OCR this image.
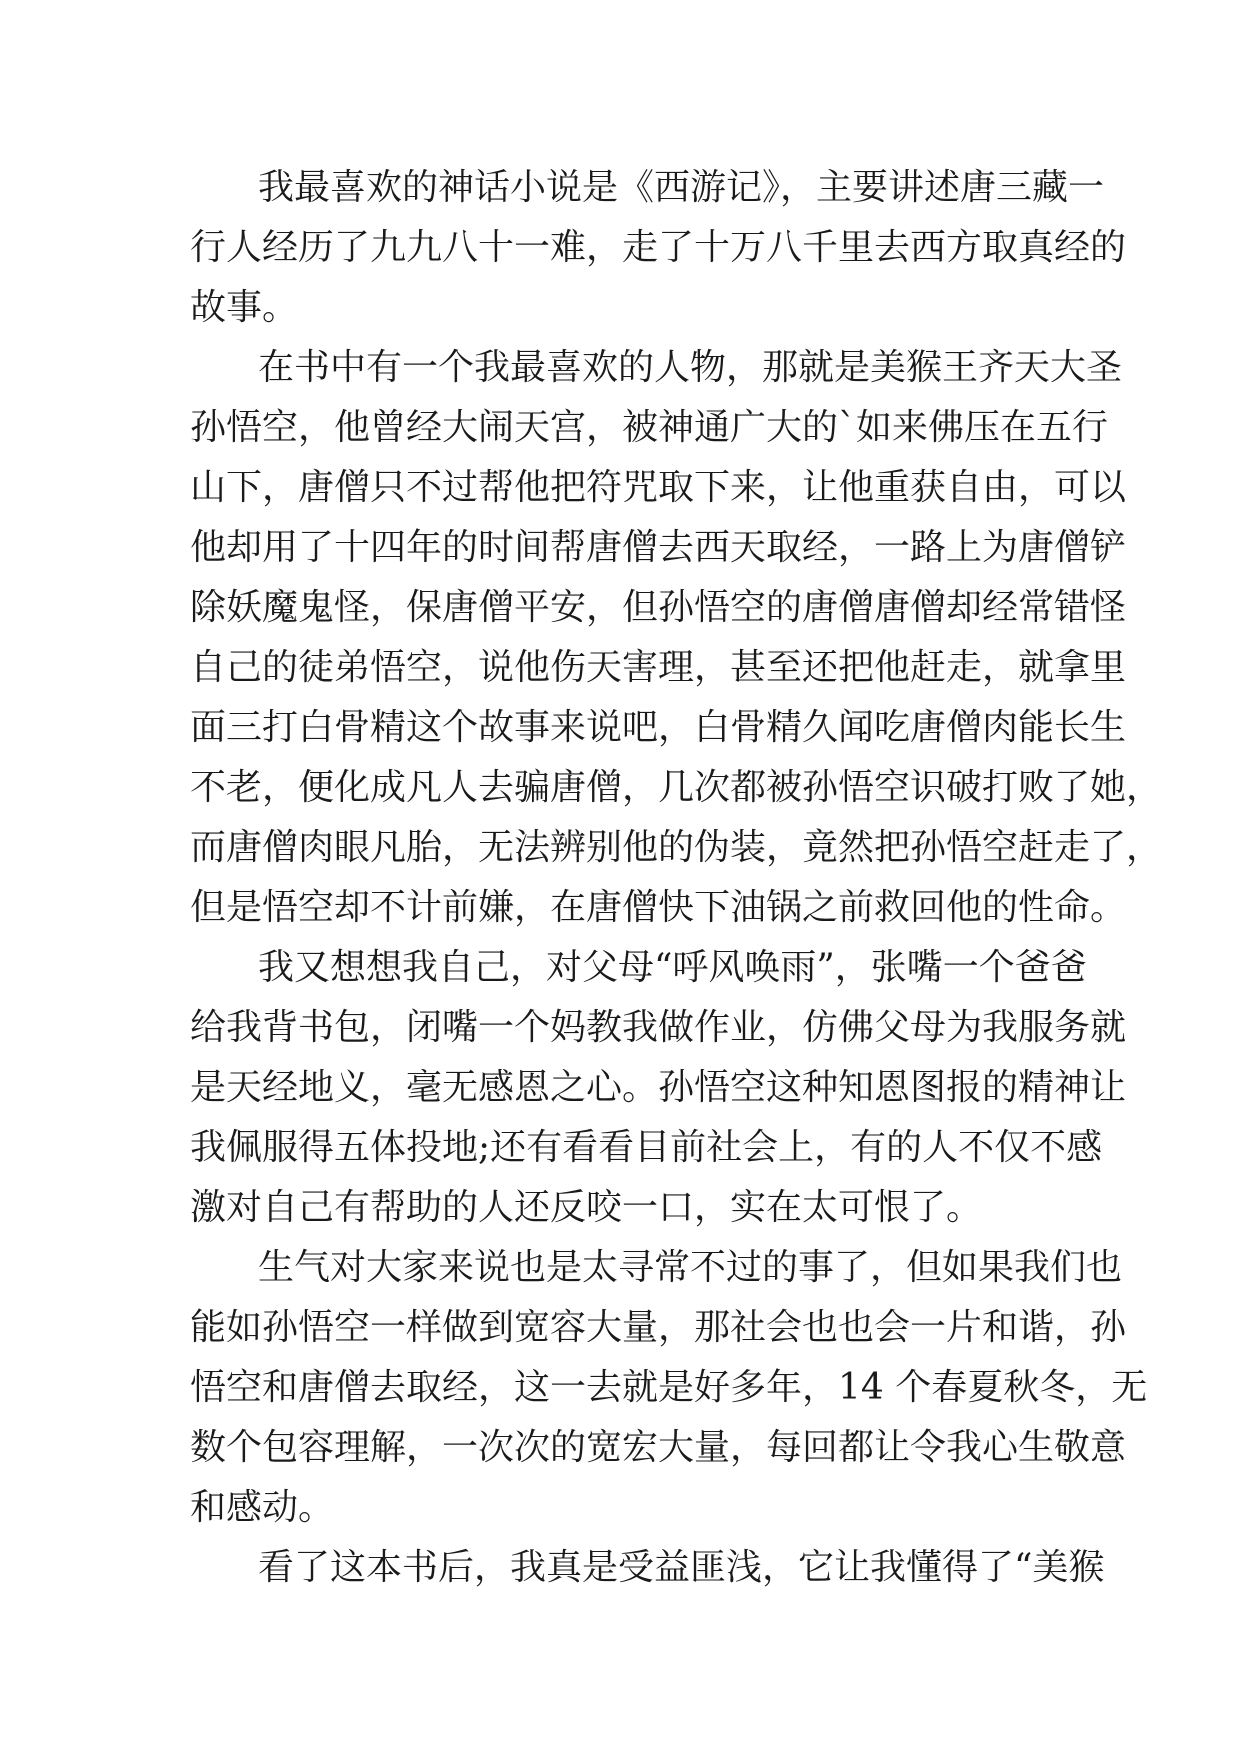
我最喜欢的神话小说是《西游记》，主要讲述唐三藏一
行人经历了九九八十一难，走了十万八千里去西方取真经的
故事。
在书中有一个我最喜欢的人物，那就是美猴王齐天大圣
孙悟空，他曾经大闹天宫，被神通广大的`如来佛压在五行
山下，唐僧只不过帮他把符咒取下来，让他重获自由，可以
他却用了十四年的时间帮唐僧去西天取经，一路上为唐僧铲
除妖魔鬼怪，保唐僧平安，但孙悟空的唐僧唐僧却经常错怪
自己的徒弟悟空，说他伤天害理，甚至还把他赶走，就拿里
面三打白骨精这个故事来说吧，白骨精久闻吃唐僧肉能长生
不老，便化成凡人去骗唐僧，几次都被孙悟空识破打败了她，
而唐僧肉眼凡胎，无法辨别他的伪装，竟然把孙悟空赶走了，
但是悟空却不计前嫌，在唐僧快下油锅之前救回他的性命。
我又想想我自己，对父母“呼风唤雨”，张嘴一个爸爸
给我背书包，闭嘴一个妈教我做作业，仿佛父母为我服务就
是天经地义，毫无感恩之心。孙悟空这种知恩图报的精神让
我佩服得五体投地;还有看看目前社会上，有的人不仅不感
激对自己有帮助的人还反咬一口，实在太可恨了。
生气对大家来说也是太寻常不过的事了，但如果我们也
能如孙悟空一样做到宽容大量，那社会也也会一片和谐，孙
悟空和唐僧去取经，这一去就是好多年，14 个春夏秋冬，无
数个包容理解，一次次的宽宏大量，每回都让令我心生敬意
和感动。
看了这本书后，我真是受益匪浅，它让我懂得了“美猴
